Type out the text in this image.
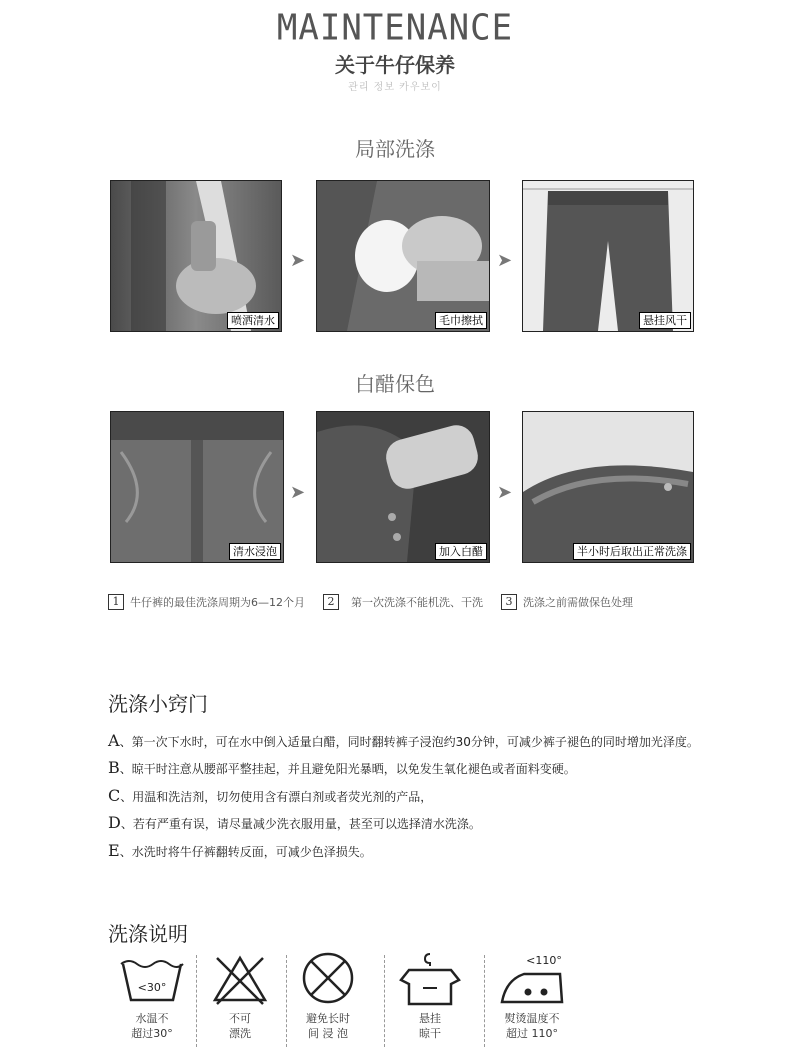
MAINTENANCE
关于牛仔保养
관리 정보 카우보이
局部洗涤
喷洒清水
➤
毛巾擦拭
➤
悬挂风干
白醋保色
清水浸泡
➤
加入白醋
➤
半小时后取出正常洗涤
1 牛仔裤的最佳洗涤周期为6—12个月	2	第一次洗涤不能机洗、干洗	3 洗涤之前需做保色处理
洗涤小窍门
A、第一次下水时，可在水中倒入适量白醋，同时翻转裤子浸泡约30分钟，可减少裤子褪色的同时增加光泽度。
B、晾干时注意从腰部平整挂起，并且避免阳光暴晒，以免发生氧化褪色或者面料变硬。
C、用温和洗洁剂，切勿使用含有漂白剂或者荧光剂的产品，
D、若有严重有误，请尽量减少洗衣服用量，甚至可以选择清水洗涤。
E、水洗时将牛仔裤翻转反面，可减少色泽损失。
洗涤说明
<30°
水温不
超过30°
不可
漂洗
避免长时
间 浸 泡
悬挂
晾干
<110°
熨烫温度不
超过 110°
